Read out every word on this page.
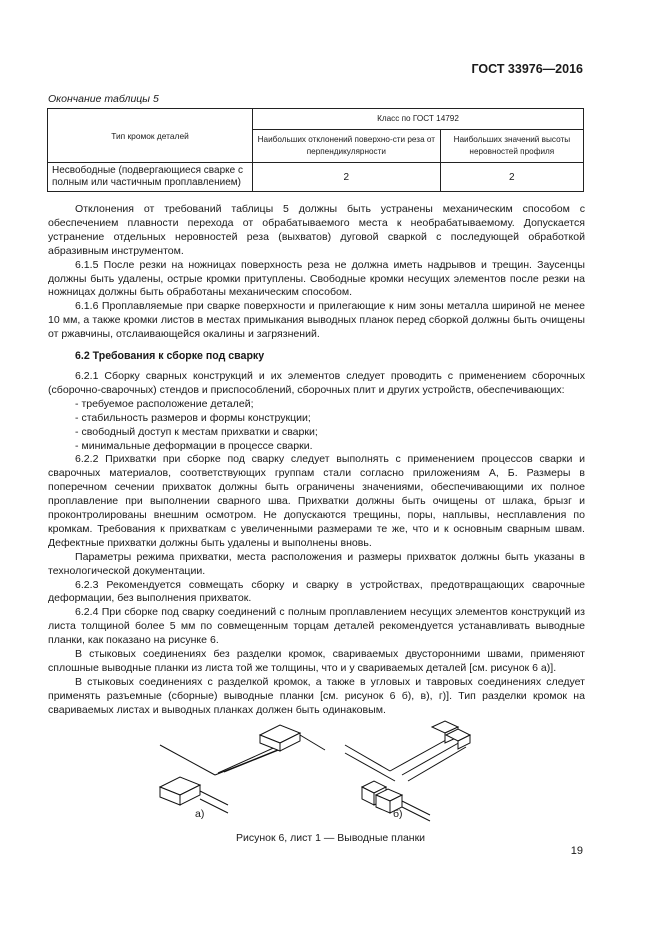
ГОСТ 33976—2016
Окончание таблицы 5
Тип кромок деталей	Класс по ГОСТ 14792	
	Наибольших отклонений поверхно-сти реза от перпендикулярности	Наибольших значений высоты неровностей профиля
Несвободные (подвергающиеся сварке с полным или частичным проплавлением)	2	2

Отклонения от требований таблицы 5 должны быть устранены механическим способом с обеспечением плавности перехода от обрабатываемого места к необрабатываемому. Допускается устранение отдельных неровностей реза (выхватов) дуговой сваркой с последующей обработкой абразивным инструментом.

6.1.5 После резки на ножницах поверхность реза не должна иметь надрывов и трещин. Заусенцы должны быть удалены, острые кромки притуплены. Свободные кромки несущих элементов после резки на ножницах должны быть обработаны механическим способом.

6.1.6 Проплавляемые при сварке поверхности и прилегающие к ним зоны металла шириной не менее 10 мм, а также кромки листов в местах примыкания выводных планок перед сборкой должны быть очищены от ржавчины, отслаивающейся окалины и загрязнений.

6.2 Требования к сборке под сварку

6.2.1 Сборку сварных конструкций и их элементов следует проводить с применением сборочных (сборочно-сварочных) стендов и приспособлений, сборочных плит и других устройств, обеспечивающих:

- требуемое расположение деталей;

- стабильность размеров и формы конструкции;

- свободный доступ к местам прихватки и сварки;

- минимальные деформации в процессе сварки.

6.2.2 Прихватки при сборке под сварку следует выполнять с применением процессов сварки и сварочных материалов, соответствующих группам стали согласно приложениям А, Б. Размеры в поперечном сечении прихваток должны быть ограничены значениями, обеспечивающими их полное проплавление при выполнении сварного шва. Прихватки должны быть очищены от шлака, брызг и проконтролированы внешним осмотром. Не допускаются трещины, поры, наплывы, несплавления по кромкам. Требования к прихваткам с увеличенными размерами те же, что и к основным сварным швам. Дефектные прихватки должны быть удалены и выполнены вновь.

Параметры режима прихватки, места расположения и размеры прихваток должны быть указаны в технологической документации.

6.2.3 Рекомендуется совмещать сборку и сварку в устройствах, предотвращающих сварочные деформации, без выполнения прихваток.

6.2.4 При сборке под сварку соединений с полным проплавлением несущих элементов конструкций из листа толщиной более 5 мм по совмещенным торцам деталей рекомендуется устанавливать выводные планки, как показано на рисунке 6.

В стыковых соединениях без разделки кромок, свариваемых двусторонними швами, применяют сплошные выводные планки из листа той же толщины, что и у свариваемых деталей [см. рисунок 6 а)].

В стыковых соединениях с разделкой кромок, а также в угловых и тавровых соединениях следует применять разъемные (сборные) выводные планки [см. рисунок 6 б), в), г)]. Тип разделки кромок на свариваемых листах и выводных планках должен быть одинаковым.

а)	б)
Рисунок 6, лист 1 — Выводные планки
19
